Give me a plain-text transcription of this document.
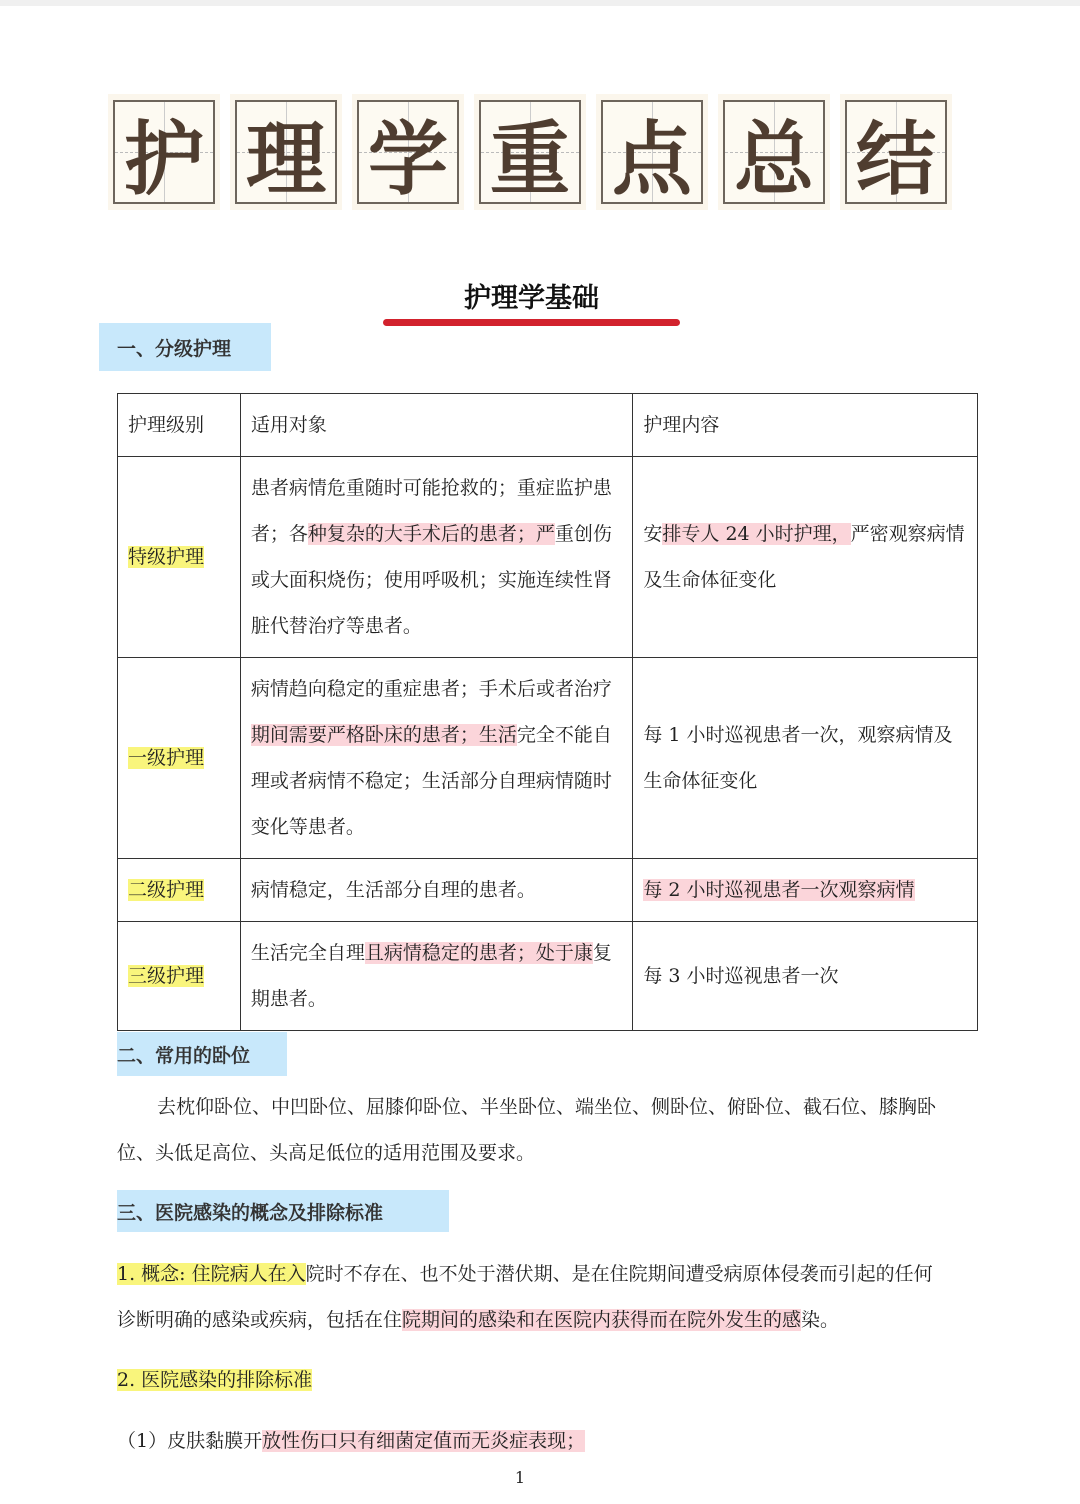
护 理 学 重 点 总 结
护理学基础
一、分级护理
护理级别	适用对象	护理内容
特级护理	患者病情危重随时可能抢救的；重症监护患者；各种复杂的大手术后的患者；严重创伤或大面积烧伤；使用呼吸机；实施连续性肾脏代替治疗等患者。	安排专人 24 小时护理，严密观察病情及生命体征变化
一级护理	病情趋向稳定的重症患者；手术后或者治疗期间需要严格卧床的患者；生活完全不能自理或者病情不稳定；生活部分自理病情随时变化等患者。	每 1 小时巡视患者一次，观察病情及生命体征变化
二级护理	病情稳定，生活部分自理的患者。	每 2 小时巡视患者一次观察病情
三级护理	生活完全自理且病情稳定的患者；处于康复期患者。	每 3 小时巡视患者一次
二、常用的卧位
去枕仰卧位、中凹卧位、屈膝仰卧位、半坐卧位、端坐位、侧卧位、俯卧位、截石位、膝胸卧位、头低足高位、头高足低位的适用范围及要求。
三、医院感染的概念及排除标准
1. 概念: 住院病人在入院时不存在、也不处于潜伏期、是在住院期间遭受病原体侵袭而引起的任何诊断明确的感染或疾病，包括在住院期间的感染和在医院内获得而在院外发生的感染。
2. 医院感染的排除标准
（1）皮肤黏膜开放性伤口只有细菌定值而无炎症表现；
1
